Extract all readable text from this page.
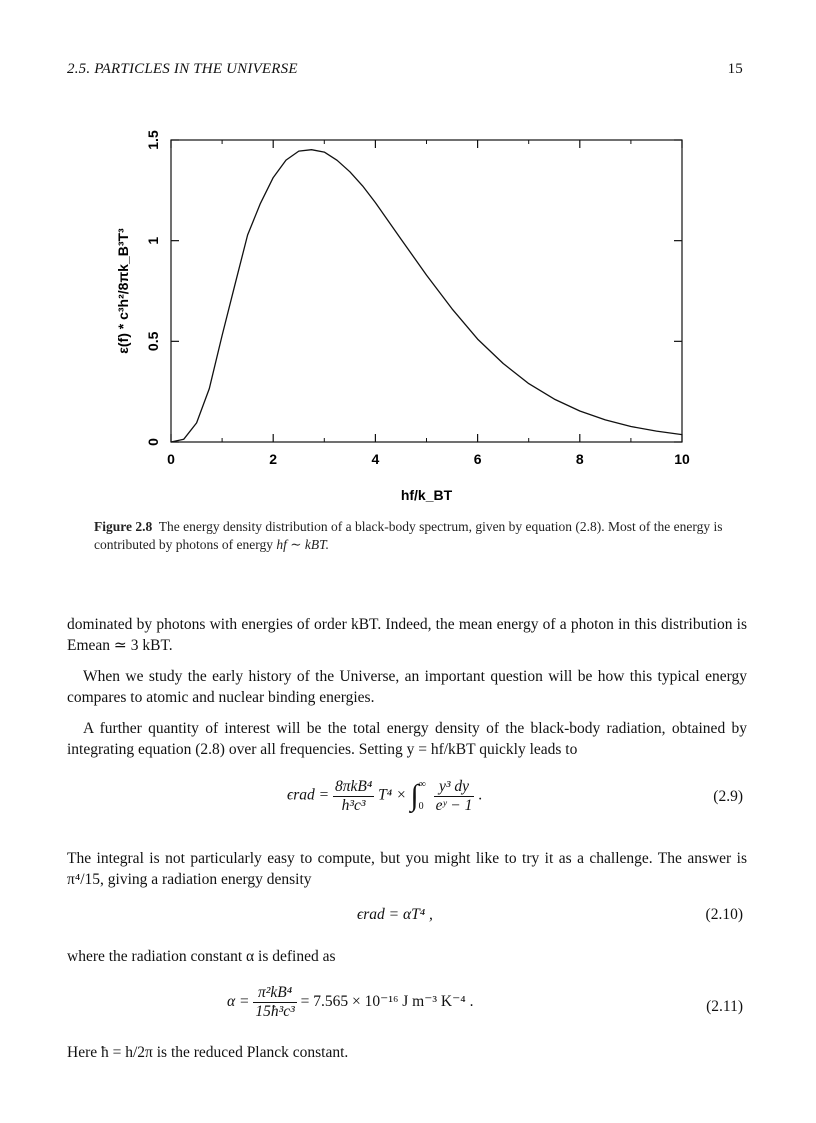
2.5. PARTICLES IN THE UNIVERSE	15
0	2	4	6	8	10
0
0.5
1
1.5
hf/k_BT
ε(f) * c³h²/8πk_B³T³
Figure 2.8 The energy density distribution of a black-body spectrum, given by equation (2.8). Most of the energy is contributed by photons of energy hf ∼ kBT.
dominated by photons with energies of order kBT. Indeed, the mean energy of a photon in this distribution is Emean ≃ 3 kBT.
When we study the early history of the Universe, an important question will be how this typical energy compares to atomic and nuclear binding energies.
A further quantity of interest will be the total energy density of the black-body radiation, obtained by integrating equation (2.8) over all frequencies. Setting y = hf/kBT quickly leads to
$\epsilon rad = \frac{\text{8πkB⁴}}{\text{h³c³}} T^4$ × ∫ ∞
0
$\frac{\text{y³ dy}}{\text{eʸ − 1}}$ .	(2.9)
The integral is not particularly easy to compute, but you might like to try it as a challenge. The answer is π⁴/15, giving a radiation energy density
ϵrad = αT⁴ ,	(2.10)
where the radiation constant α is defined as
$\alpha = \frac{\text{π²kB⁴}}{\text{15ħ³c³}} = 7.565 \times 10^{-16}$ J m⁻³ K⁻⁴ .	(2.11)
Here ħ = h/2π is the reduced Planck constant.
